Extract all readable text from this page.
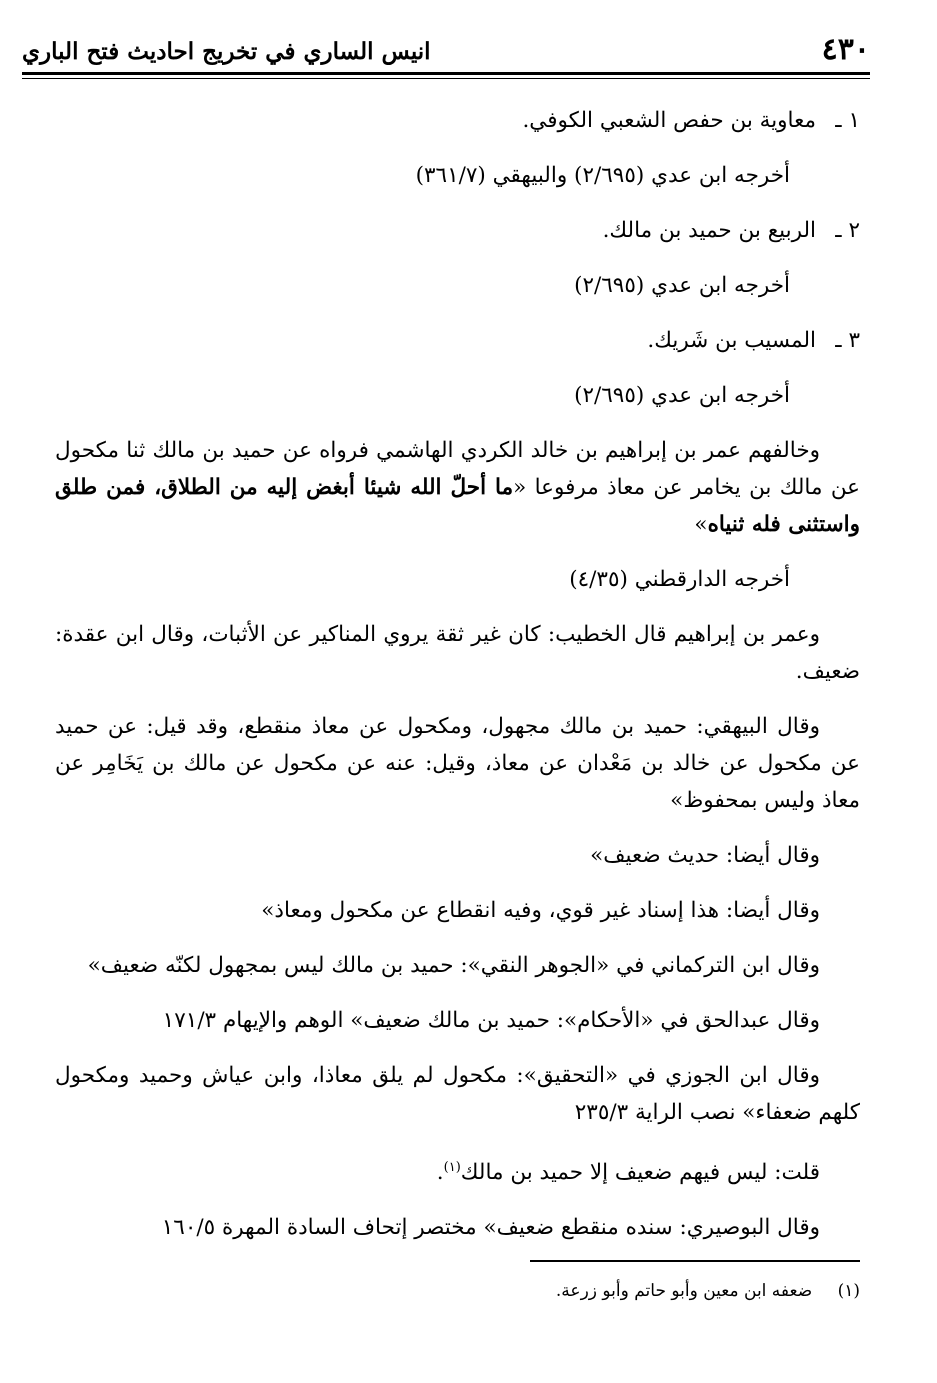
٤٣٠
انيس الساري في تخريج احاديث فتح الباري
١ ـ
معاوية بن حفص الشعبي الكوفي.
أخرجه ابن عدي (٢/٦٩٥) والبيهقي (٣٦١/٧)
٢ ـ
الربيع بن حميد بن مالك.
أخرجه ابن عدي (٢/٦٩٥)
٣ ـ
المسيب بن شَريك.
أخرجه ابن عدي (٢/٦٩٥)

وخالفهم عمر بن إبراهيم بن خالد الكردي الهاشمي فرواه عن حميد بن مالك ثنا مكحول عن مالك بن يخامر عن معاذ مرفوعا «ما أحلّ الله شيئا أبغض إليه من الطلاق، فمن طلق واستثنى فله ثنياه»

أخرجه الدارقطني (٤/٣٥)

وعمر بن إبراهيم قال الخطيب: كان غير ثقة يروي المناكير عن الأثبات، وقال ابن عقدة: ضعيف.

وقال البيهقي: حميد بن مالك مجهول، ومكحول عن معاذ منقطع، وقد قيل: عن حميد عن مكحول عن خالد بن مَعْدان عن معاذ، وقيل: عنه عن مكحول عن مالك بن يَخَامِر عن معاذ وليس بمحفوظ»

وقال أيضا: حديث ضعيف»

وقال أيضا: هذا إسناد غير قوي، وفيه انقطاع عن مكحول ومعاذ»

وقال ابن التركماني في «الجوهر النقي»: حميد بن مالك ليس بمجهول لكنّه ضعيف»

وقال عبدالحق في «الأحكام»: حميد بن مالك ضعيف» الوهم والإيهام ١٧١/٣

وقال ابن الجوزي في «التحقيق»: مكحول لم يلق معاذا، وابن عياش وحميد ومكحول كلهم ضعفاء» نصب الراية ٢٣٥/٣

قلت: ليس فيهم ضعيف إلا حميد بن مالك$^{(١)}$.

وقال البوصيري: سنده منقطع ضعيف» مختصر إتحاف السادة المهرة ١٦٠/٥

(١) ضعفه ابن معين وأبو حاتم وأبو زرعة.
